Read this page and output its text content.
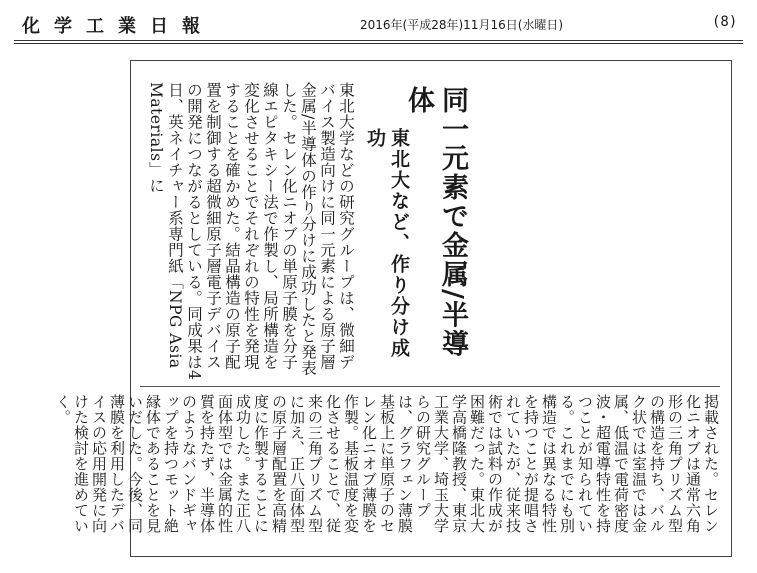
化学工業日報	2016年(平成28年)11月16日(水曜日)	(8)
同一元素で金属/半導体
東北大など、作り分け成功
東北大学などの研究グループは、微細デバイス製造向けに同一元素による原子層金属/半導体の作り分けに成功したと発表した。セレン化ニオブの単原子膜を分子線エピタキシー法で作製し、局所構造を変化させることでそれぞれの特性を発現することを確かめた。結晶構造の原子配置を制御する超微細原子層電子デバイスの開発につながるとしている。同成果は4日、英ネイチャー系専門紙「NPG Asia Materials」に
掲載された。セレン化ニオブは通常六角形の三角プリズム型の構造を持ち、バルク状では室温では金属、低温で電荷密度波・超電導特性を持つことが知られている。これまでにも別構造では異なる特性を持つことが提唱されていたが、従来技術では試料の作成が困難だった。東北大学高橋隆教授、東京工業大学、埼玉大学らの研究グループは、グラフェン薄膜基板上に単原子のセレン化ニオブ薄膜を作製。基板温度を変化させることで、従来の三角プリズム型に加え、正八面体型の原子層配置を高精度に作製することに成功した。また正八面体型では金属的性質を持たず、半導体のようなバンドギャップを持つモット絶縁体であることを見いだした。今後、同薄膜を利用したデバイスの応用開発に向けた検討を進めていく。
